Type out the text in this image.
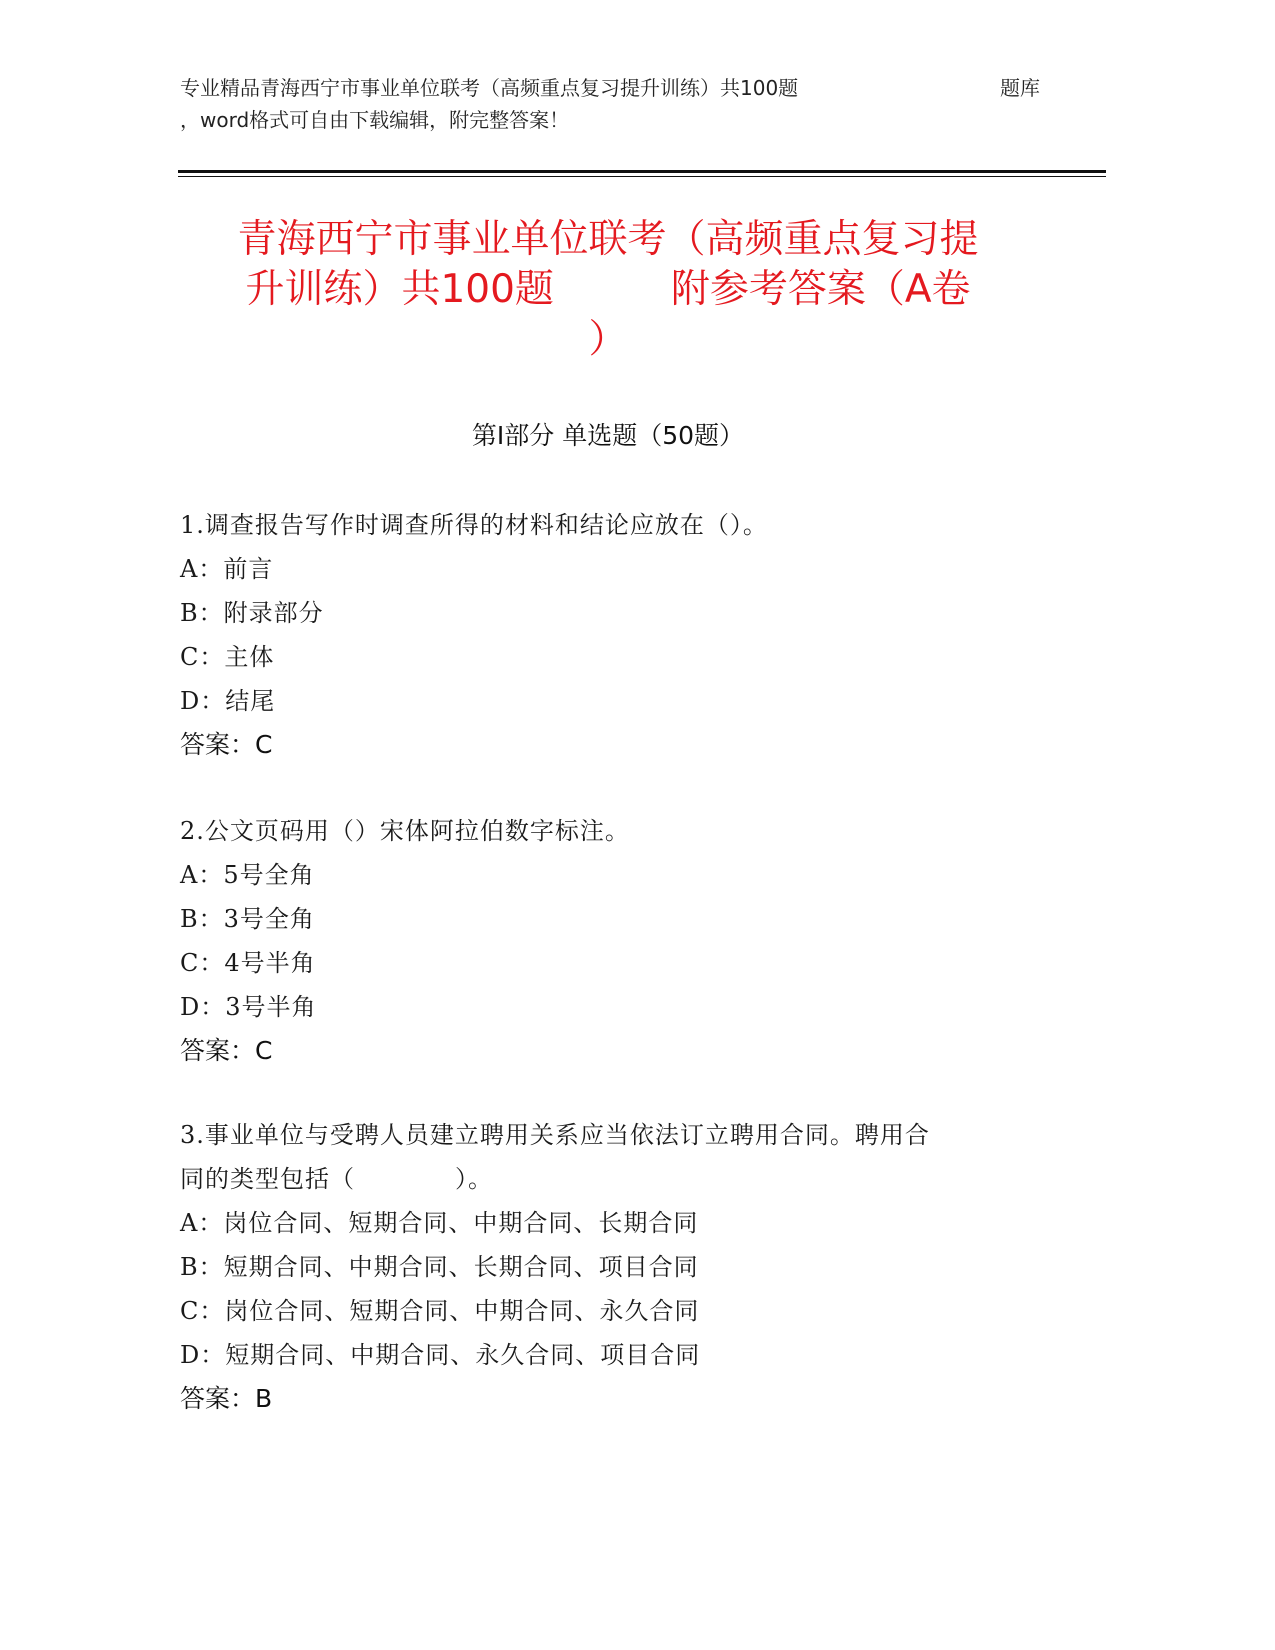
专业精品青海西宁市事业单位联考（高频重点复习提升训练）共100题	题库
，word格式可自由下载编辑，附完整答案！
青海西宁市事业单位联考（高频重点复习提
升训练）共100题　　　附参考答案（A卷
）
第Ⅰ部分 单选题（50题）
1.调查报告写作时调查所得的材料和结论应放在（）。
A：前言
B：附录部分
C：主体
D：结尾
答案：C
2.公文页码用（）宋体阿拉伯数字标注。
A：5号全角
B：3号全角
C：4号半角
D：3号半角
答案：C
3.事业单位与受聘人员建立聘用关系应当依法订立聘用合同。聘用合
同的类型包括（　　　　）。
A：岗位合同、短期合同、中期合同、长期合同
B：短期合同、中期合同、长期合同、项目合同
C：岗位合同、短期合同、中期合同、永久合同
D：短期合同、中期合同、永久合同、项目合同
答案：B
